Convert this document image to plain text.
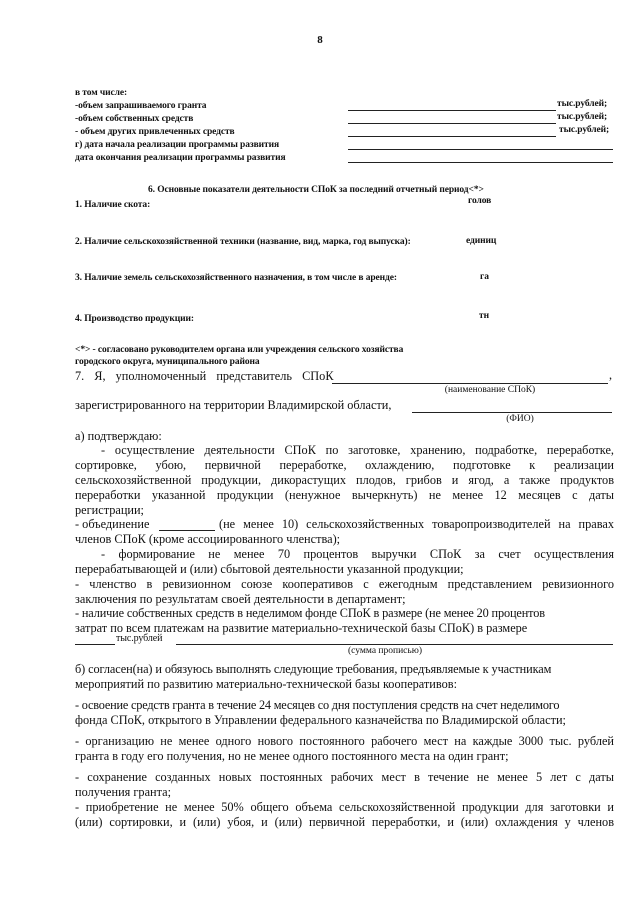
8
в том числе:
-объем запрашиваемого гранта	тыс.рублей;
-объем собственных средств	тыс.рублей;
- объем других привлеченных средств	тыс.рублей;
г) дата начала реализации программы развития
дата окончания реализации программы развития
6. Основные показатели деятельности СПоК за последний отчетный период<*>
1. Наличие скота:	голов
2. Наличие сельскохозяйственной техники (название, вид, марка, год выпуска):	единиц
3. Наличие земель сельскохозяйственного назначения, в том числе в аренде:	га
4. Производство продукции:	тн
<*> - согласовано руководителем органа или учреждения сельского хозяйства
городского округа, муниципального района
7. Я, уполномоченный представитель СПоК	,
(наименование СПоК)
зарегистрированного на территории Владимирской области,
(ФИО)
а) подтверждаю:
- осуществление деятельности СПоК по заготовке, хранению, подработке, переработке,
сортировке, убою, первичной переработке, охлаждению, подготовке к реализации
сельскохозяйственной продукции, дикорастущих плодов, грибов и ягод, а также продуктов
переработки указанной продукции (ненужное вычеркнуть) не менее 12 месяцев с даты
регистрации;
- объединение	(не менее 10) сельскохозяйственных товаропроизводителей на правах
членов СПоК (кроме ассоциированного членства);
- формирование не менее 70 процентов выручки СПоК за счет осуществления
перерабатывающей и (или) сбытовой деятельности указанной продукции;
- членство в ревизионном союзе кооперативов с ежегодным представлением ревизионного
заключения по результатам своей деятельности в департамент;
- наличие собственных средств в неделимом фонде СПоК в размере (не менее 20 процентов
затрат по всем платежам на развитие материально-технической базы СПоК) в размере
тыс.рублей
(сумма прописью)
б) согласен(на) и обязуюсь выполнять следующие требования, предъявляемые к участникам
мероприятий по развитию материально-технической базы кооперативов:
- освоение средств гранта в течение 24 месяцев со дня поступления средств на счет неделимого
фонда СПоК, открытого в Управлении федерального казначейства по Владимирской области;
- организацию не менее одного нового постоянного рабочего мест на каждые 3000 тыс. рублей
гранта в году его получения, но не менее одного постоянного места на один грант;
- сохранение созданных новых постоянных рабочих мест в течение не менее 5 лет с даты
получения гранта;
- приобретение не менее 50% общего объема сельскохозяйственной продукции для заготовки и
(или) сортировки, и (или) убоя, и (или) первичной переработки, и (или) охлаждения у членов
